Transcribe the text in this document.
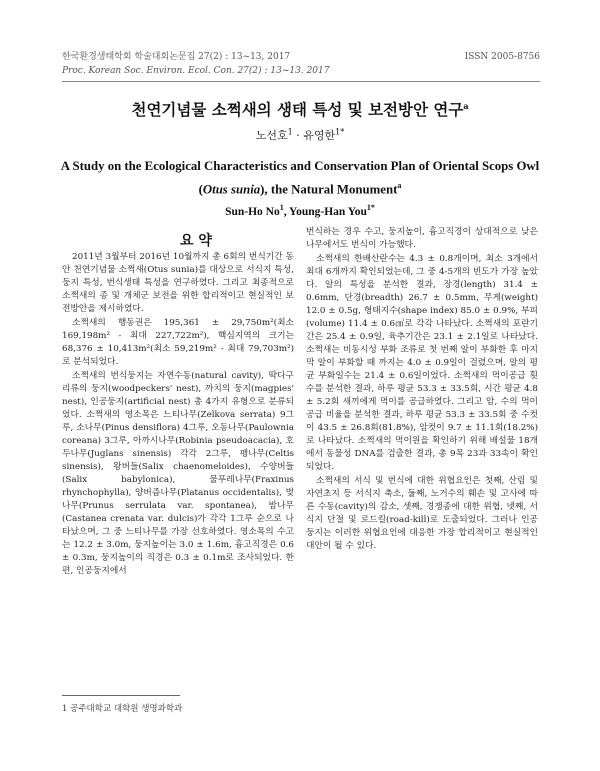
한국환경생태학회 학술대회논문집 27(2) : 13~13, 2017	ISSN 2005-8756
Proc. Korean Soc. Environ. Ecol. Con. 27(2) : 13~13. 2017
천연기념물 소쩍새의 생태 특성 및 보전방안 연구$^a$
노선호$^1$ · 유영한$^{1*}$
A Study on the Ecological Characteristics and Conservation Plan of Oriental Scops Owl
(Otus sunia), the Natural Monument$^a$
Sun-Ho No$^1$, Young-Han You$^{1*}$
요 약

2011년 3월부터 2016년 10월까지 총 6회의 번식기간 동안 천연기념물 소쩍새(Otus sunia)를 대상으로 서식지 특성, 둥지 특성, 번식생태 특성을 연구하였다. 그리고 최종적으로 소쩍새의 종 및 개체군 보전을 위한 합리적이고 현실적인 보전방안을 제시하였다.

소쩍새의 행동권은 195,361 ± 29,750m²(최소 169,198m² - 최대 227,722m²), 핵심지역의 크기는 68,376 ± 10,413m²(최소 59,219m² - 최대 79,703m²)로 분석되었다.

소쩍새의 번식둥지는 자연수동(natural cavity), 딱다구리류의 둥지(woodpeckers' nest), 까치의 둥지(magpies' nest), 인공둥지(artificial nest) 총 4가지 유형으로 분류되었다. 소쩍새의 영소목은 느티나무(Zelkova serrata) 9그루, 소나무(Pinus densiflora) 4그루, 오동나무(Paulownia coreana) 3그루, 아까시나무(Robinia pseudoacacia), 호두나무(Juglans sinensis) 각각 2그루, 팽나무(Celtis sinensis), 왕버들(Salix chaenomeloides), 수양버들(Salix babylonica), 물푸레나무(Fraxinus rhynchophylla), 양버즘나무(Platanus occidentalis), 벚나무(Prunus serrulata var. spontanea), 밤나무(Castanea crenata var. dulcis)가 각각 1그루 순으로 나타났으며, 그 중 느티나무를 가장 선호하였다. 영소목의 수고는 12.2 ± 3.0m, 둥지높이는 3.0 ± 1.6m, 흉고직경은 0.6 ± 0.3m, 둥지높이의 직경은 0.3 ± 0.1m로 조사되었다. 한편, 인공둥지에서

번식하는 경우 수고, 둥지높이, 흉고직경이 상대적으로 낮은 나무에서도 번식이 가능했다.

소쩍새의 한배산란수는 4.3 ± 0.8개이며, 최소 3개에서 최대 6개까지 확인되었는데, 그 중 4-5개의 빈도가 가장 높았다. 알의 특성을 분석한 결과, 장경(length) 31.4 ± 0.6mm, 단경(breadth) 26.7 ± 0.5mm, 무게(weight) 12.0 ± 0.5g, 형태지수(shape index) 85.0 ± 0.9%, 부피(volume) 11.4 ± 0.6㎤로 각각 나타났다. 소쩍새의 포란기간은 25.4 ± 0.9일, 육추기간은 23.1 ± 2.1일로 나타났다. 소쩍새는 비동시성 부화 조류로 첫 번째 알이 부화한 후 마지막 알이 부화할 때 까지는 4.0 ± 0.9일이 걸렸으며, 알의 평균 부화일수는 21.4 ± 0.6일이었다. 소쩍새의 먹이공급 횟수를 분석한 결과, 하루 평균 53.3 ± 33.5회, 시간 평균 4.8 ± 5.2회 새끼에게 먹이를 공급하였다. 그리고 암, 수의 먹이공급 비율을 분석한 결과, 하루 평균 53.3 ± 33.5회 중 수컷이 43.5 ± 26.8회(81.8%), 암컷이 9.7 ± 11.1회(18.2%)로 나타났다. 소쩍새의 먹이원을 확인하기 위해 배설물 18개에서 동물성 DNA를 검출한 결과, 총 9목 23과 33속이 확인되었다.

소쩍새의 서식 및 번식에 대한 위협요인은 첫째, 산림 및 자연초지 등 서식지 축소, 둘째, 노거수의 훼손 및 고사에 따른 수동(cavity)의 감소, 셋째, 경쟁종에 대한 위협, 넷째, 서식지 단절 및 로드킬(road-kill)로 도출되었다. 그러나 인공둥지는 이러한 위협요인에 대응한 가장 합리적이고 현실적인 대안이 될 수 있다.

1 공주대학교 대학원 생명과학과
